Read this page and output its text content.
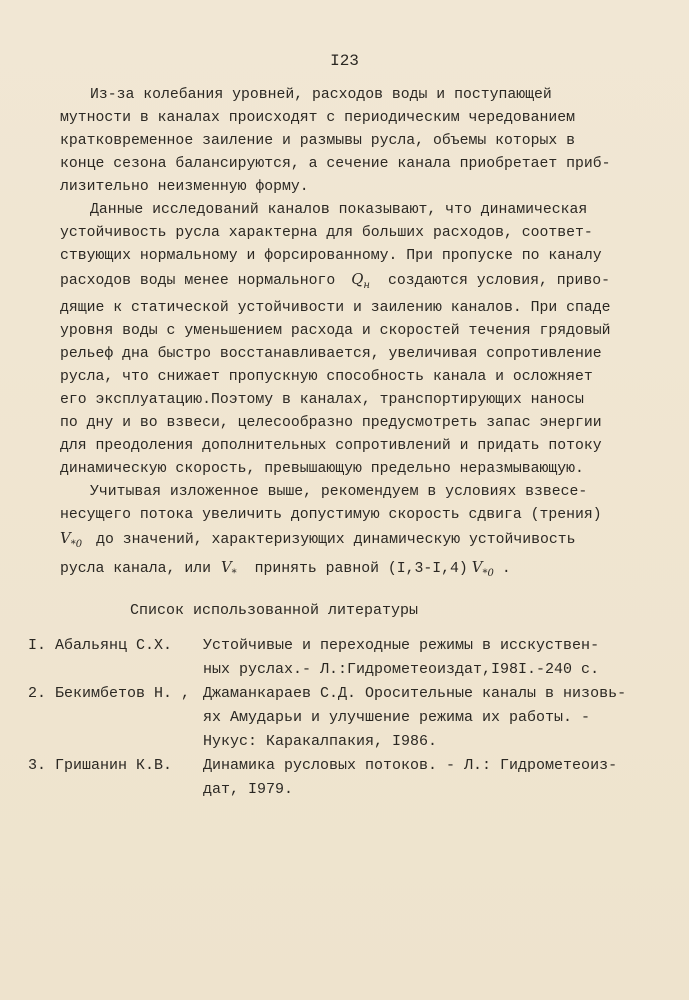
I23
Из-за колебания уровней, расходов воды и поступающей
мутности в каналах происходят с периодическим чередованием
кратковременное заиление и размывы русла, объемы которых в
конце сезона балансируются, а сечение канала приобретает приб-
лизительно неизменную форму.
Данные исследований каналов показывают, что динамическая
устойчивость русла характерна для больших расходов, соответ-
ствующих нормальному и форсированному. При пропуске по каналу
расходов воды менее нормального $Q_н$ создаются условия, приво-
дящие к статической устойчивости и заилению каналов. При спаде
уровня воды с уменьшением расхода и скоростей течения грядовый
рельеф дна быстро восстанавливается, увеличивая сопротивление
русла, что снижает пропускную способность канала и осложняет
его эксплуатацию.Поэтому в каналах, транспортирующих наносы
по дну и во взвеси, целесообразно предусмотреть запас энергии
для преодоления дополнительных сопротивлений и придать потоку
динамическую скорость, превышающую предельно неразмывающую.
Учитывая изложенное выше, рекомендуем в условиях взвесе-
несущего потока увеличить допустимую скорость сдвига (трения)
$V_{*0}$ до значений, характеризующих динамическую устойчивость
русла канала, или $V_*$ принять равной (I,3-I,4) $V_{*0}$ .
Список использованной литературы
I. Абальянц С.Х.	Устойчивые и переходные режимы в исскуствен-
ных руслах.- Л.:Гидрометеоиздат,I98I.-240 с.
2. Бекимбетов Н. , Джаманкараев С.Д. Оросительные каналы в низовь-
ях Амударьи и улучшение режима их работы. -
Нукус: Каракалпакия, I986.
3. Гришанин К.В.	Динамика русловых потоков. - Л.: Гидрометеоиз-
дат, I979.
